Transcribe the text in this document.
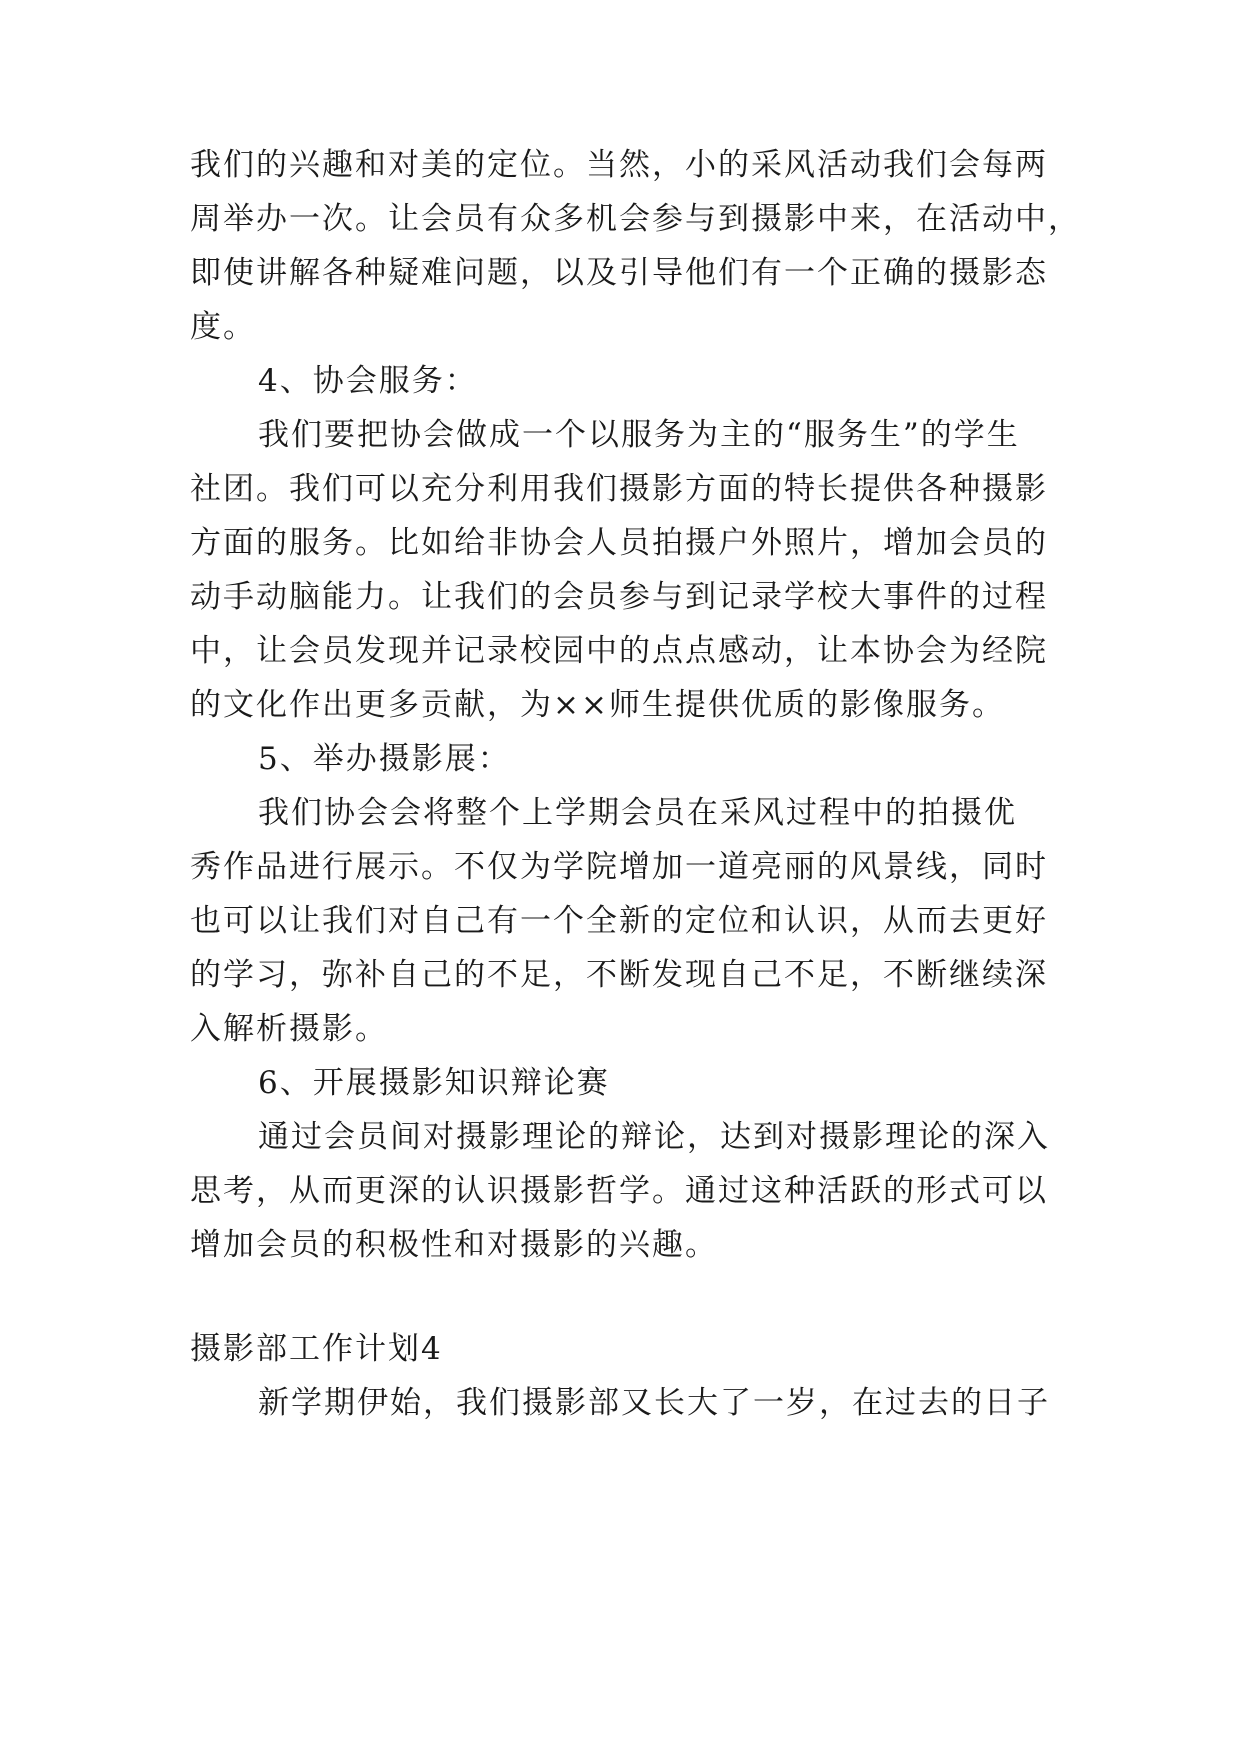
我们的兴趣和对美的定位。当然，小的采风活动我们会每两
周举办一次。让会员有众多机会参与到摄影中来，在活动中，
即使讲解各种疑难问题，以及引导他们有一个正确的摄影态
度。
4、协会服务：
我们要把协会做成一个以服务为主的“服务生”的学生
社团。我们可以充分利用我们摄影方面的特长提供各种摄影
方面的服务。比如给非协会人员拍摄户外照片，增加会员的
动手动脑能力。让我们的会员参与到记录学校大事件的过程
中，让会员发现并记录校园中的点点感动，让本协会为经院
的文化作出更多贡献，为××师生提供优质的影像服务。
5、举办摄影展：
我们协会会将整个上学期会员在采风过程中的拍摄优
秀作品进行展示。不仅为学院增加一道亮丽的风景线，同时
也可以让我们对自己有一个全新的定位和认识，从而去更好
的学习，弥补自己的不足，不断发现自己不足，不断继续深
入解析摄影。
6、开展摄影知识辩论赛
通过会员间对摄影理论的辩论，达到对摄影理论的深入
思考，从而更深的认识摄影哲学。通过这种活跃的形式可以
增加会员的积极性和对摄影的兴趣。
摄影部工作计划4
新学期伊始，我们摄影部又长大了一岁，在过去的日子
